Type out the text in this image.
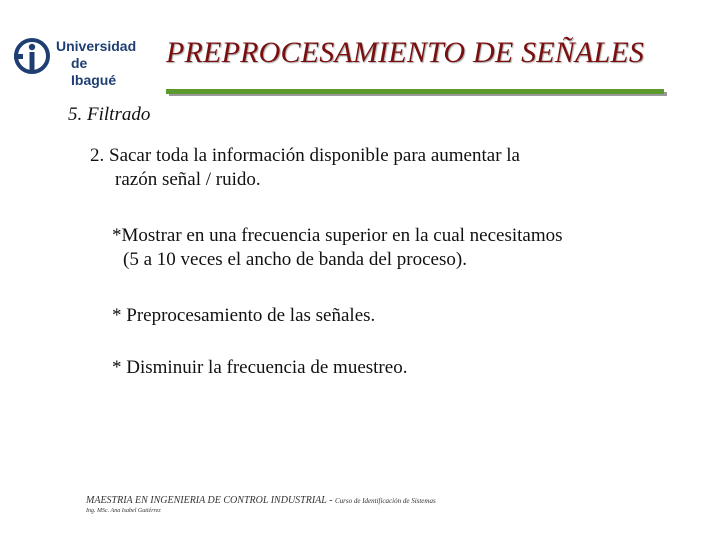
Universidad
de Ibagué
PREPROCESAMIENTO DE SEÑALES
5. Filtrado
2. Sacar toda la información disponible para aumentar la
razón señal / ruido.
*Mostrar en una frecuencia superior en la cual necesitamos
(5 a 10 veces el ancho de banda del proceso).
* Preprocesamiento de las señales.
* Disminuir la frecuencia de muestreo.
MAESTRIA EN INGENIERIA DE CONTROL INDUSTRIAL - Curso de Identificación de Sistemas
Ing. MSc. Ana Isabel Gutiérrez
